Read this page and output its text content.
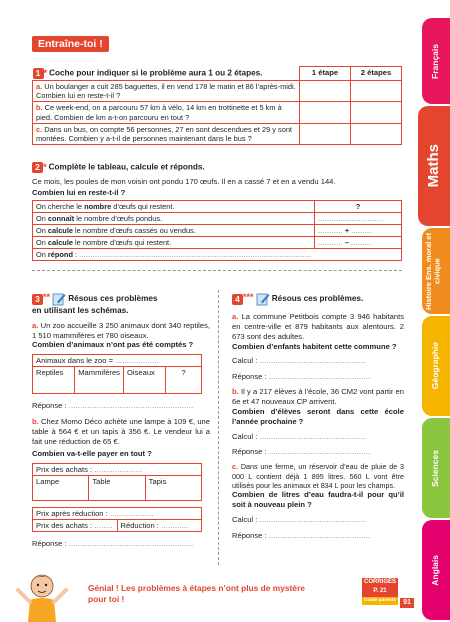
Entraîne-toi !
1 * Coche pour indiquer si le problème aura 1 ou 2 étapes.	1 étape	2 étapes
a. Un boulanger a cuit 285 baguettes, il en vend 178 le matin et 86 l’après-midi. Combien lui en reste-t-il ?		
b. Ce week-end, on a parcouru 57 km à vélo, 14 km en trottinette et 5 km à pied. Combien de km a-t-on parcouru en tout ?		
c. Dans un bus, on compte 56 personnes, 27 en sont descendues et 29 y sont montées. Combien y a-t-il de personnes maintenant dans le bus ?		
2 * Complète le tableau, calcule et réponds.
Ce mois, les poules de mon voisin ont pondu 170 œufs. Il en a cassé 7 et en a vendu 144.
Combien lui en reste-t-il ?
On cherche le nombre d’œufs qui restent.	?
On connaît le nombre d’œufs pondus.	.............................
On calcule le nombre d’œufs cassés ou vendus.	........... + .........
On calcule le nombre d’œufs qui restent.	........... – .........
On répond : .......................................................................................................	
3 ** Résous ces problèmes
en utilisant les schémas.
a. Un zoo accueille 3 250 animaux dont 340 reptiles, 1 510 mammifères et 780 oiseaux.
Combien d’animaux n’ont pas été comptés ?
Animaux dans le zoo = ...................
Reptiles	Mammifères Oiseaux	?
Réponse : ......................................................
b. Chez Momo Déco achète une lampe à 109 €, une table à 564 € et un tapis à 356 €. Le vendeur lui a fait une réduction de 65 €.
Combien va-t-elle payer en tout ?
Prix des achats : .....................
Lampe	Table	Tapis
Prix après réduction : ...................
Prix des achats : ........	Réduction : ............
Réponse : ......................................................
4 *** Résous ces problèmes.
a. La commune Petitbois compte 3 946 habitants en centre-ville et 879 habitants aux alentours. 2 673 sont des adultes.
Combien d’enfants habitent cette commune ?
Calcul : ..............................................
Réponse : ............................................
b. Il y a 217 élèves à l’école, 36 CM2 vont partir en 6e et 47 nouveaux CP arrivent.
Combien d’élèves seront dans cette école l’année prochaine ?
Calcul : ..............................................
Réponse : ............................................
c. Dans une ferme, un réservoir d’eau de pluie de 3 000 L contient déjà 1 895 litres. 560 L vont être utilisés pour les animaux et 834 L pour les champs.
Combien de litres d’eau faudra-t-il pour qu’il soit à nouveau plein ?
Calcul : ..............................................
Réponse : ............................................
Génial ! Les problèmes à étapes n’ont plus de mystère pour toi !
CORRIGÉS
P. 21
Guide parents 91
Français
Maths
Histoire Ens. moral et civique
Géographie
Sciences
Anglais
